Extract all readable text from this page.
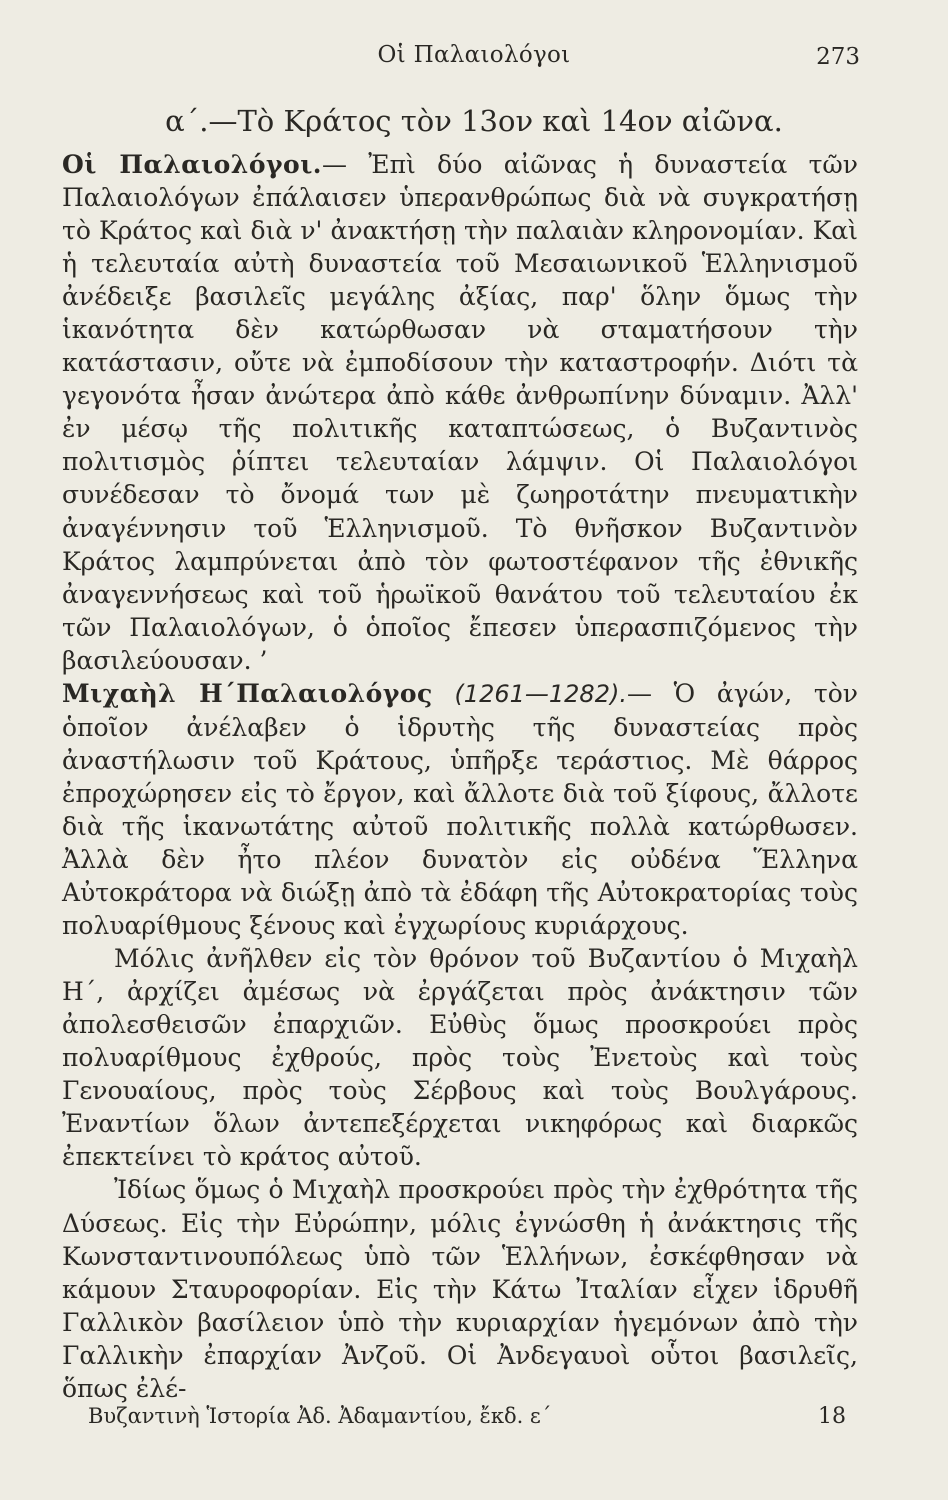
Οἱ Παλαιολόγοι	273
α΄.—Τὸ Κράτος τὸν 13ον καὶ 14ον αἰῶνα.

Οἱ Παλαιολόγοι.— Ἐπὶ δύο αἰῶνας ἡ δυναστεία τῶν Παλαιολόγων ἐπάλαισεν ὑπερανθρώπως διὰ νὰ συγκρατήσῃ τὸ Κράτος καὶ διὰ ν' ἀνακτήσῃ τὴν παλαιὰν κληρονομίαν. Καὶ ἡ τελευταία αὐτὴ δυναστεία τοῦ Μεσαιωνικοῦ Ἑλληνισμοῦ ἀνέδειξε βασιλεῖς μεγάλης ἀξίας, παρ' ὅλην ὅμως τὴν ἱκανότητα δὲν κατώρθωσαν νὰ σταματήσουν τὴν κατάστασιν, οὔτε νὰ ἐμποδίσουν τὴν καταστροφήν. Διότι τὰ γεγονότα ἦσαν ἀνώτερα ἀπὸ κάθε ἀνθρωπίνην δύναμιν. Ἀλλ' ἐν μέσῳ τῆς πολιτικῆς καταπτώσεως, ὁ Βυζαντινὸς πολιτισμὸς ῥίπτει τελευταίαν λάμψιν. Οἱ Παλαιολόγοι συνέδεσαν τὸ ὄνομά των μὲ ζωηροτάτην πνευματικὴν ἀναγέννησιν τοῦ Ἑλληνισμοῦ. Τὸ θνῆσκον Βυζαντινὸν Κράτος λαμπρύνεται ἀπὸ τὸν φωτοστέφανον τῆς ἐθνικῆς ἀναγεννήσεως καὶ τοῦ ἡρωϊκοῦ θανάτου τοῦ τελευταίου ἐκ τῶν Παλαιολόγων, ὁ ὁποῖος ἔπεσεν ὑπερασπιζόμενος τὴν βασιλεύουσαν. ’

Μιχαὴλ Η΄Παλαιολόγος (1261—1282).— Ὁ ἀγών, τὸν ὁποῖον ἀνέλαβεν ὁ ἱδρυτὴς τῆς δυναστείας πρὸς ἀναστήλωσιν τοῦ Κράτους, ὑπῆρξε τεράστιος. Μὲ θάρρος ἐπροχώρησεν εἰς τὸ ἔργον, καὶ ἄλλοτε διὰ τοῦ ξίφους, ἄλλοτε διὰ τῆς ἱκανωτάτης αὐτοῦ πολιτικῆς πολλὰ κατώρθωσεν. Ἀλλὰ δὲν ἦτο πλέον δυνατὸν εἰς οὐδένα Ἕλληνα Αὐτοκράτορα νὰ διώξῃ ἀπὸ τὰ ἐδάφη τῆς Αὐτοκρατορίας τοὺς πολυαρίθμους ξένους καὶ ἐγχωρίους κυριάρχους.

Μόλις ἀνῆλθεν εἰς τὸν θρόνον τοῦ Βυζαντίου ὁ Μιχαὴλ Η΄, ἀρχίζει ἀμέσως νὰ ἐργάζεται πρὸς ἀνάκτησιν τῶν ἀπολεσθεισῶν ἐπαρχιῶν. Εὐθὺς ὅμως προσκρούει πρὸς πολυαρίθμους ἐχθρούς, πρὸς τοὺς Ἐνετοὺς καὶ τοὺς Γενουαίους, πρὸς τοὺς Σέρβους καὶ τοὺς Βουλγάρους. Ἐναντίων ὅλων ἀντεπεξέρχεται νικηφόρως καὶ διαρκῶς ἐπεκτείνει τὸ κράτος αὐτοῦ.

Ἰδίως ὅμως ὁ Μιχαὴλ προσκρούει πρὸς τὴν ἐχθρότητα τῆς Δύσεως. Εἰς τὴν Εὐρώπην, μόλις ἐγνώσθη ἡ ἀνάκτησις τῆς Κωνσταντινουπόλεως ὑπὸ τῶν Ἑλλήνων, ἐσκέφθησαν νὰ κάμουν Σταυροφορίαν. Εἰς τὴν Κάτω Ἰταλίαν εἶχεν ἱδρυθῆ Γαλλικὸν βασίλειον ὑπὸ τὴν κυριαρχίαν ἡγεμόνων ἀπὸ τὴν Γαλλικὴν ἐπαρχίαν Ἀνζοῦ. Οἱ Ἀνδεγαυοὶ οὗτοι βασιλεῖς, ὅπως ἐλέ-

Βυζαντινὴ Ἱστορία Ἀδ. Ἀδαμαντίου, ἔκδ. ε΄	18
